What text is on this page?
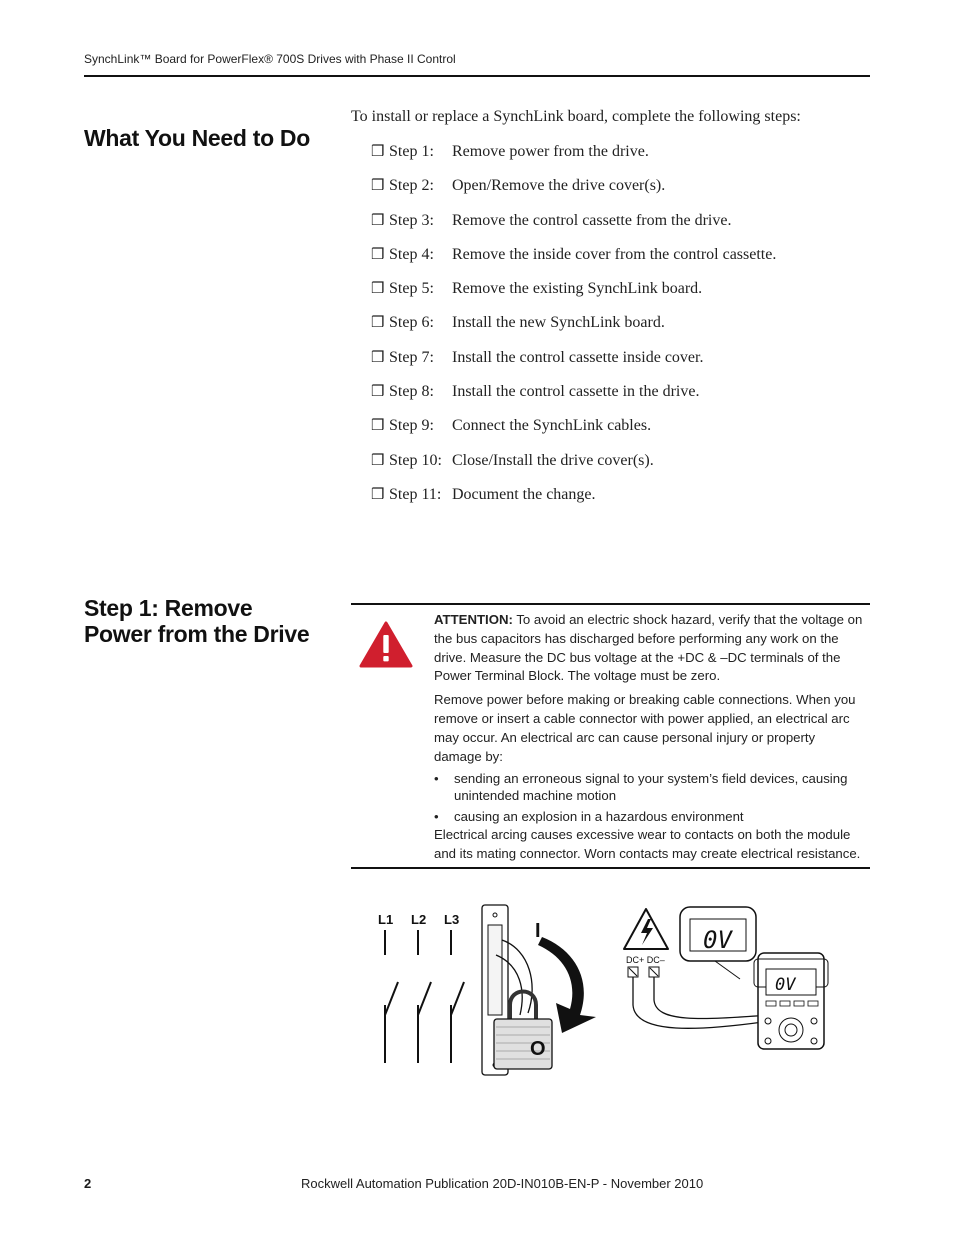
SynchLink™ Board for PowerFlex® 700S Drives with Phase II Control
What You Need to Do
To install or replace a SynchLink board, complete the following steps:
❒ Step 1:	Remove power from the drive.
❒ Step 2:	Open/Remove the drive cover(s).
❒ Step 3:	Remove the control cassette from the drive.
❒ Step 4:	Remove the inside cover from the control cassette.
❒ Step 5:	Remove the existing SynchLink board.
❒ Step 6:	Install the new SynchLink board.
❒ Step 7:	Install the control cassette inside cover.
❒ Step 8:	Install the control cassette in the drive.
❒ Step 9:	Connect the SynchLink cables.
❒ Step 10: Close/Install the drive cover(s).
❒ Step 11: Document the change.
Step 1: Remove Power from the Drive

ATTENTION: To avoid an electric shock hazard, verify that the voltage on the bus capacitors has discharged before performing any work on the drive. Measure the DC bus voltage at the +DC & –DC terminals of the Power Terminal Block. The voltage must be zero.

Remove power before making or breaking cable connections. When you remove or insert a cable connector with power applied, an electrical arc may occur. An electrical arc can cause personal injury or property damage by:

• sending an erroneous signal to your system’s field devices, causing unintended machine motion
• causing an explosion in a hazardous environment

Electrical arcing causes excessive wear to contacts on both the module and its mating connector. Worn contacts may create electrical resistance.

L1 L2 L3
I
O
DC+ DC–
0V
0V
2	Rockwell Automation Publication 20D-IN010B-EN-P - November 2010
